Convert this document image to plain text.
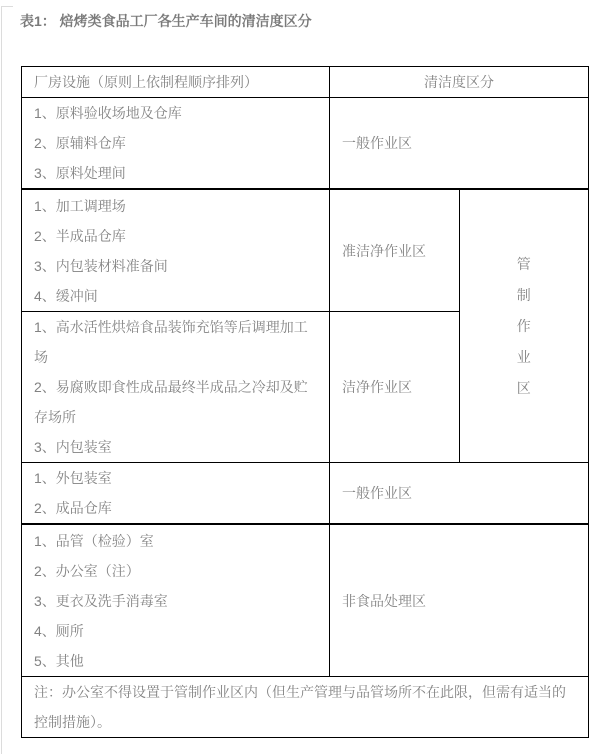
表1： 焙烤类食品工厂各生产车间的清洁度区分
厂房设施（原则上依制程顺序排列）	清洁度区分	

1、原料验收场地及仓库
2、原辅料仓库
3、原料处理间	一般作业区	

1、加工调理场
2、半成品仓库
3、内包装材料准备间
4、缓冲间	准洁净作业区	管制作业区

1、高水活性烘焙食品装饰充馅等后调理加工场
2、易腐败即食性成品最终半成品之冷却及贮存场所
3、内包装室	洁净作业区	

1、外包装室
2、成品仓库	一般作业区	

1、品管（检验）室
2、办公室（注）
3、更衣及洗手消毒室
4、厕所
5、其他	非食品处理区	
注：办公室不得设置于管制作业区内（但生产管理与品管场所不在此限，但需有适当的控制措施）。		
